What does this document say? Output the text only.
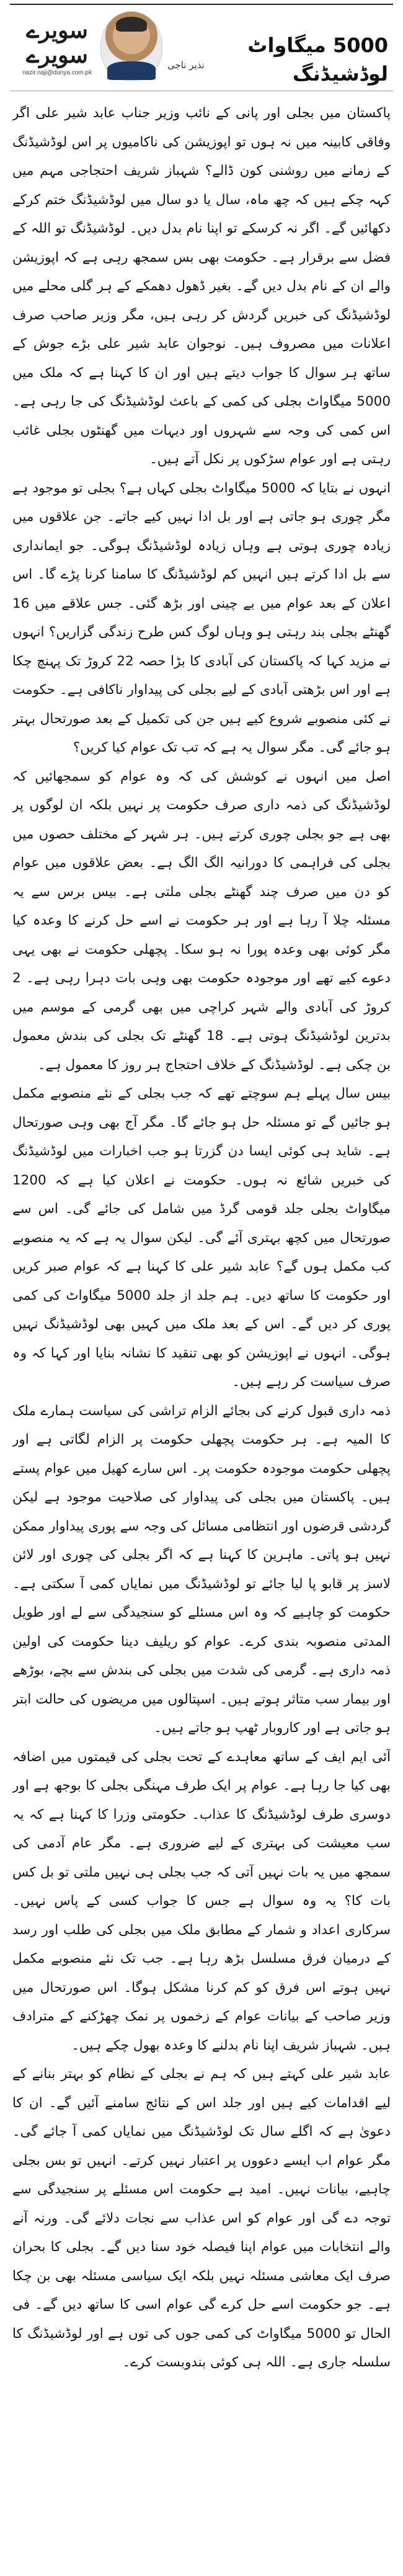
سویرے
سویرے
nazir.naji@dunya.com.pk
نذیر ناجی
5000 میگاواٹ لوڈشیڈنگ

پاکستان میں بجلی اور پانی کے نائب وزیر جناب عابد شیر علی اگر وفاقی کابینہ میں نہ ہوں تو اپوزیشن کی ناکامیوں پر اس لوڈشیڈنگ کے زمانے میں روشنی کون ڈالے؟ شہباز شریف احتجاجی مہم میں کہہ چکے ہیں کہ چھ ماہ، سال یا دو سال میں لوڈشیڈنگ ختم کرکے دکھائیں گے۔ اگر نہ کرسکے تو اپنا نام بدل دیں۔ لوڈشیڈنگ تو اللہ کے فضل سے برقرار ہے۔ حکومت بھی بس سمجھ رہی ہے کہ اپوزیشن والے ان کے نام بدل دیں گے۔ بغیر ڈھول دھمکے کے ہر گلی محلے میں لوڈشیڈنگ کی خبریں گردش کر رہی ہیں، مگر وزیر صاحب صرف اعلانات میں مصروف ہیں۔ نوجوان عابد شیر علی بڑے جوش کے ساتھ ہر سوال کا جواب دیتے ہیں اور ان کا کہنا ہے کہ ملک میں 5000 میگاواٹ بجلی کی کمی کے باعث لوڈشیڈنگ کی جا رہی ہے۔ اس کمی کی وجہ سے شہروں اور دیہات میں گھنٹوں بجلی غائب رہتی ہے اور عوام سڑکوں پر نکل آتے ہیں۔

انہوں نے بتایا کہ 5000 میگاواٹ بجلی کہاں ہے؟ بجلی تو موجود ہے مگر چوری ہو جاتی ہے اور بل ادا نہیں کیے جاتے۔ جن علاقوں میں زیادہ چوری ہوتی ہے وہاں زیادہ لوڈشیڈنگ ہوگی۔ جو ایمانداری سے بل ادا کرتے ہیں انہیں کم لوڈشیڈنگ کا سامنا کرنا پڑے گا۔ اس اعلان کے بعد عوام میں بے چینی اور بڑھ گئی۔ جس علاقے میں 16 گھنٹے بجلی بند رہتی ہو وہاں لوگ کس طرح زندگی گزاریں؟ انہوں نے مزید کہا کہ پاکستان کی آبادی کا بڑا حصہ 22 کروڑ تک پہنچ چکا ہے اور اس بڑھتی آبادی کے لیے بجلی کی پیداوار ناکافی ہے۔ حکومت نے کئی منصوبے شروع کیے ہیں جن کی تکمیل کے بعد صورتحال بہتر ہو جائے گی۔ مگر سوال یہ ہے کہ تب تک عوام کیا کریں؟

اصل میں انہوں نے کوشش کی کہ وہ عوام کو سمجھائیں کہ لوڈشیڈنگ کی ذمہ داری صرف حکومت پر نہیں بلکہ ان لوگوں پر بھی ہے جو بجلی چوری کرتے ہیں۔ ہر شہر کے مختلف حصوں میں بجلی کی فراہمی کا دورانیہ الگ الگ ہے۔ بعض علاقوں میں عوام کو دن میں صرف چند گھنٹے بجلی ملتی ہے۔ بیس برس سے یہ مسئلہ چلا آ رہا ہے اور ہر حکومت نے اسے حل کرنے کا وعدہ کیا مگر کوئی بھی وعدہ پورا نہ ہو سکا۔ پچھلی حکومت نے بھی یہی دعوے کیے تھے اور موجودہ حکومت بھی وہی بات دہرا رہی ہے۔ 2 کروڑ کی آبادی والے شہر کراچی میں بھی گرمی کے موسم میں بدترین لوڈشیڈنگ ہوتی ہے۔ 18 گھنٹے تک بجلی کی بندش معمول بن چکی ہے۔ لوڈشیڈنگ کے خلاف احتجاج ہر روز کا معمول ہے۔

بیس سال پہلے ہم سوچتے تھے کہ جب بجلی کے نئے منصوبے مکمل ہو جائیں گے تو مسئلہ حل ہو جائے گا۔ مگر آج بھی وہی صورتحال ہے۔ شاید ہی کوئی ایسا دن گزرتا ہو جب اخبارات میں لوڈشیڈنگ کی خبریں شائع نہ ہوں۔ حکومت نے اعلان کیا ہے کہ 1200 میگاواٹ بجلی جلد قومی گرڈ میں شامل کی جائے گی۔ اس سے صورتحال میں کچھ بہتری آئے گی۔ لیکن سوال یہ ہے کہ یہ منصوبے کب مکمل ہوں گے؟ عابد شیر علی کا کہنا ہے کہ عوام صبر کریں اور حکومت کا ساتھ دیں۔ ہم جلد از جلد 5000 میگاواٹ کی کمی پوری کر دیں گے۔ اس کے بعد ملک میں کہیں بھی لوڈشیڈنگ نہیں ہوگی۔ انہوں نے اپوزیشن کو بھی تنقید کا نشانہ بنایا اور کہا کہ وہ صرف سیاست کر رہے ہیں۔

ذمہ داری قبول کرنے کی بجائے الزام تراشی کی سیاست ہمارے ملک کا المیہ ہے۔ ہر حکومت پچھلی حکومت پر الزام لگاتی ہے اور پچھلی حکومت موجودہ حکومت پر۔ اس سارے کھیل میں عوام پستے ہیں۔ پاکستان میں بجلی کی پیداوار کی صلاحیت موجود ہے لیکن گردشی قرضوں اور انتظامی مسائل کی وجہ سے پوری پیداوار ممکن نہیں ہو پاتی۔ ماہرین کا کہنا ہے کہ اگر بجلی کی چوری اور لائن لاسز پر قابو پا لیا جائے تو لوڈشیڈنگ میں نمایاں کمی آ سکتی ہے۔ حکومت کو چاہیے کہ وہ اس مسئلے کو سنجیدگی سے لے اور طویل المدتی منصوبہ بندی کرے۔ عوام کو ریلیف دینا حکومت کی اولین ذمہ داری ہے۔ گرمی کی شدت میں بجلی کی بندش سے بچے، بوڑھے اور بیمار سب متاثر ہوتے ہیں۔ اسپتالوں میں مریضوں کی حالت ابتر ہو جاتی ہے اور کاروبار ٹھپ ہو جاتے ہیں۔

آئی ایم ایف کے ساتھ معاہدے کے تحت بجلی کی قیمتوں میں اضافہ بھی کیا جا رہا ہے۔ عوام پر ایک طرف مہنگی بجلی کا بوجھ ہے اور دوسری طرف لوڈشیڈنگ کا عذاب۔ حکومتی وزرا کا کہنا ہے کہ یہ سب معیشت کی بہتری کے لیے ضروری ہے۔ مگر عام آدمی کی سمجھ میں یہ بات نہیں آتی کہ جب بجلی ہی نہیں ملتی تو بل کس بات کا؟ یہ وہ سوال ہے جس کا جواب کسی کے پاس نہیں۔ سرکاری اعداد و شمار کے مطابق ملک میں بجلی کی طلب اور رسد کے درمیان فرق مسلسل بڑھ رہا ہے۔ جب تک نئے منصوبے مکمل نہیں ہوتے اس فرق کو کم کرنا مشکل ہوگا۔ اس صورتحال میں وزیر صاحب کے بیانات عوام کے زخموں پر نمک چھڑکنے کے مترادف ہیں۔ شہباز شریف اپنا نام بدلنے کا وعدہ بھول چکے ہیں۔

عابد شیر علی کہتے ہیں کہ ہم نے بجلی کے نظام کو بہتر بنانے کے لیے اقدامات کیے ہیں اور جلد اس کے نتائج سامنے آئیں گے۔ ان کا دعویٰ ہے کہ اگلے سال تک لوڈشیڈنگ میں نمایاں کمی آ جائے گی۔ مگر عوام اب ایسے دعووں پر اعتبار نہیں کرتے۔ انہیں تو بس بجلی چاہیے، بیانات نہیں۔ امید ہے حکومت اس مسئلے پر سنجیدگی سے توجہ دے گی اور عوام کو اس عذاب سے نجات دلائے گی۔ ورنہ آنے والے انتخابات میں عوام اپنا فیصلہ خود سنا دیں گے۔ بجلی کا بحران صرف ایک معاشی مسئلہ نہیں بلکہ ایک سیاسی مسئلہ بھی بن چکا ہے۔ جو حکومت اسے حل کرے گی عوام اسی کا ساتھ دیں گے۔ فی الحال تو 5000 میگاواٹ کی کمی جوں کی توں ہے اور لوڈشیڈنگ کا سلسلہ جاری ہے۔ اللہ ہی کوئی بندوبست کرے۔
